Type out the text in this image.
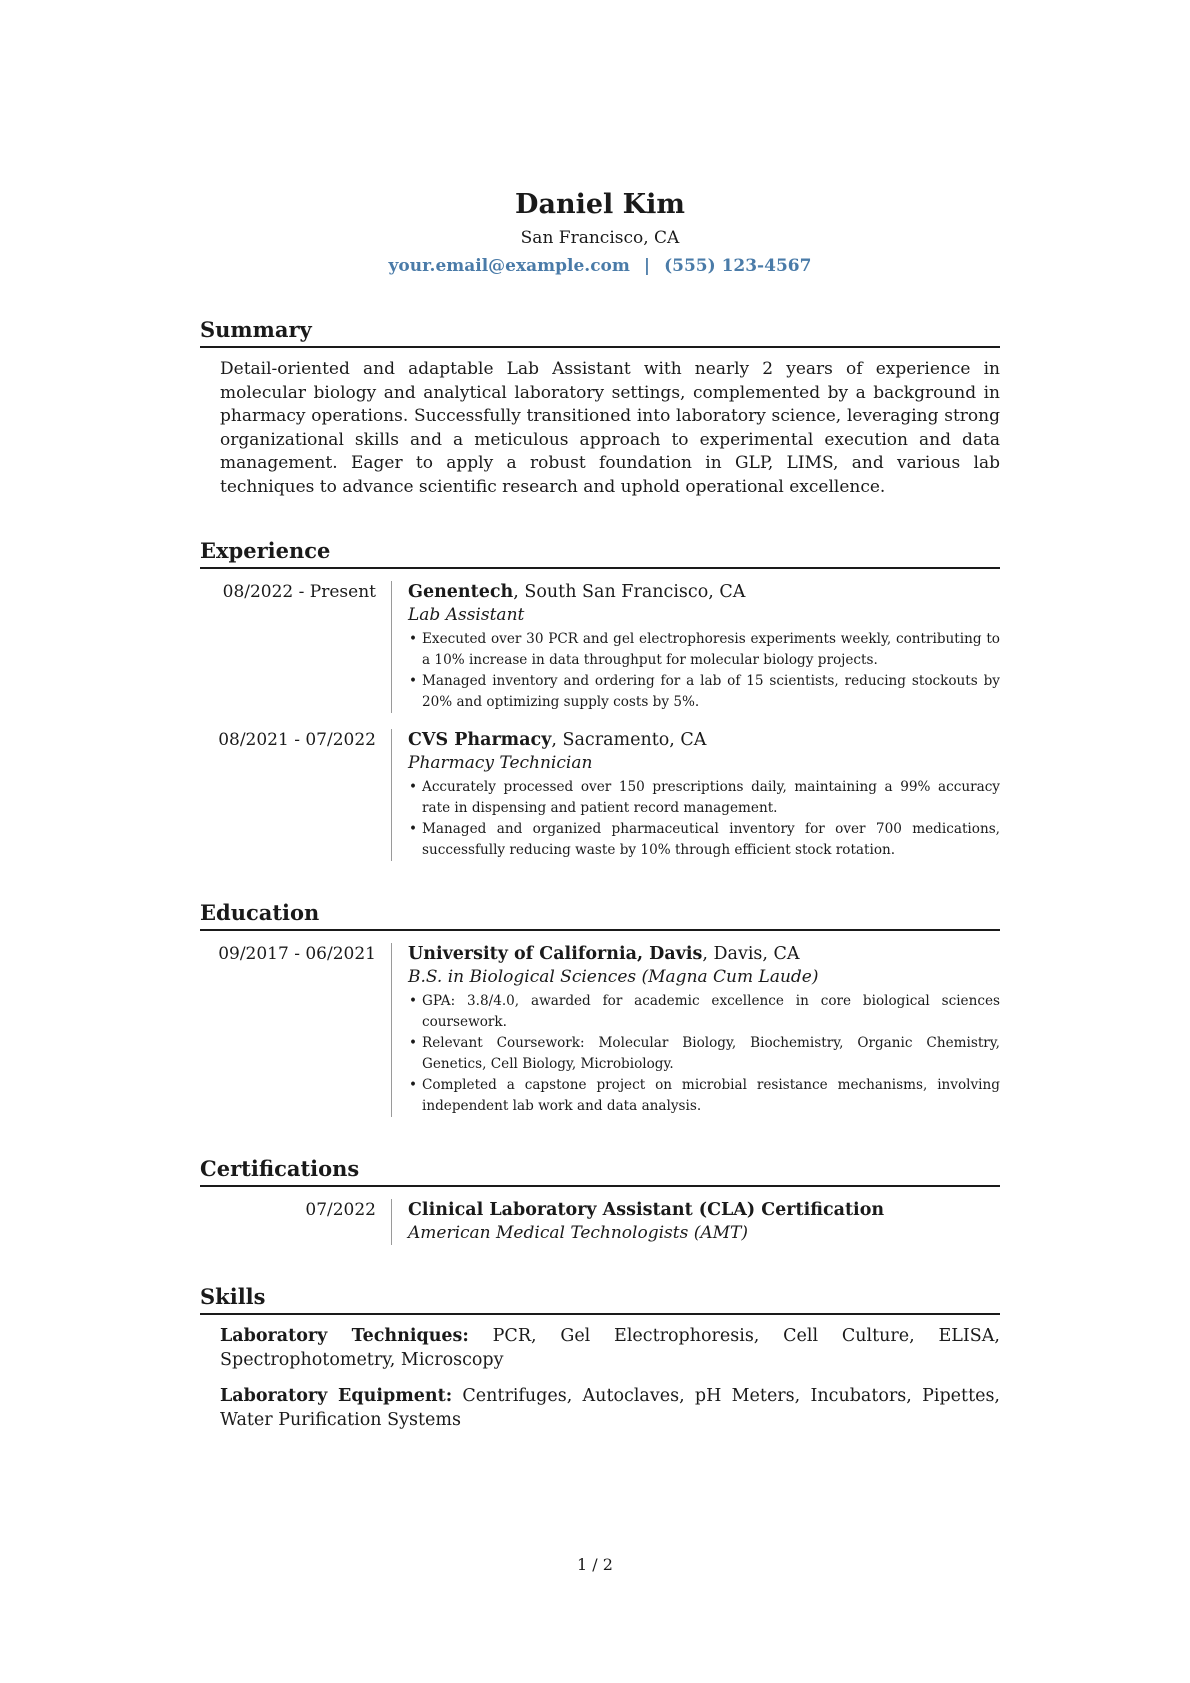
Daniel Kim
San Francisco, CA
your.email@example.com | (555) 123-4567
Summary
Detail-oriented and adaptable Lab Assistant with nearly 2 years of experience in molecular biology and analytical laboratory settings, complemented by a background in pharmacy operations. Successfully transitioned into laboratory science, leveraging strong organizational skills and a meticulous approach to experimental execution and data management. Eager to apply a robust foundation in GLP, LIMS, and various lab techniques to advance scientific research and uphold operational excellence.
Experience
08/2022 - Present	Genentech, South San Francisco, CA
Lab Assistant
• Executed over 30 PCR and gel electrophoresis experiments weekly, contributing to a 10% increase in data throughput for molecular biology projects.
• Managed inventory and ordering for a lab of 15 scientists, reducing stockouts by 20% and optimizing supply costs by 5%.
08/2021 - 07/2022	CVS Pharmacy, Sacramento, CA
Pharmacy Technician
• Accurately processed over 150 prescriptions daily, maintaining a 99% accuracy rate in dispensing and patient record management.
• Managed and organized pharmaceutical inventory for over 700 medications, successfully reducing waste by 10% through efficient stock rotation.
Education
09/2017 - 06/2021	University of California, Davis, Davis, CA
B.S. in Biological Sciences (Magna Cum Laude)
• GPA: 3.8/4.0, awarded for academic excellence in core biological sciences coursework.
• Relevant Coursework: Molecular Biology, Biochemistry, Organic Chemistry, Genetics, Cell Biology, Microbiology.
• Completed a capstone project on microbial resistance mechanisms, involving independent lab work and data analysis.
Certifications
07/2022	Clinical Laboratory Assistant (CLA) Certification
American Medical Technologists (AMT)
Skills
Laboratory Techniques: PCR, Gel Electrophoresis, Cell Culture, ELISA, Spectrophotometry, Microscopy
Laboratory Equipment: Centrifuges, Autoclaves, pH Meters, Incubators, Pipettes, Water Purification Systems
1 / 2
